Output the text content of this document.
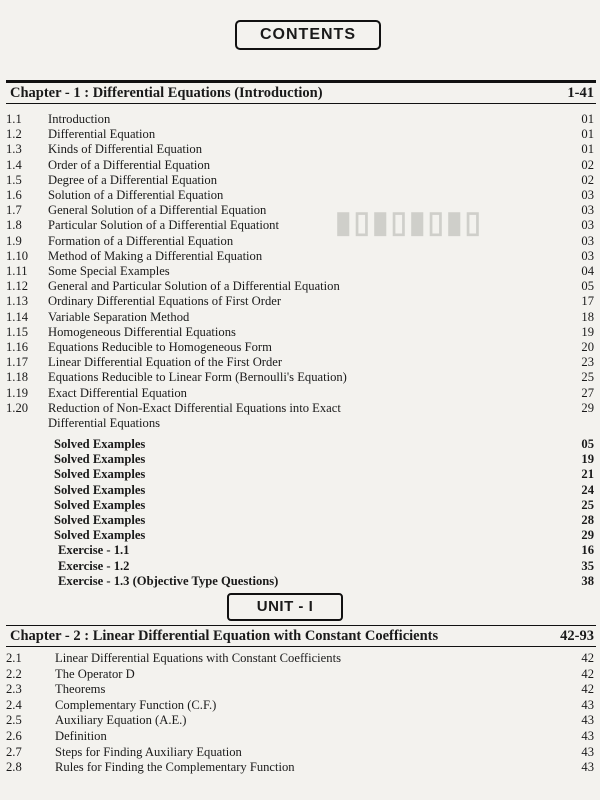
▮▯▮▯▮▯▮▯
CONTENTS
Chapter - 1 : Differential Equations (Introduction)	1-41
1.1 Introduction	01
1.2 Differential Equation	01
1.3 Kinds of Differential Equation	01
1.4 Order of a Differential Equation	02
1.5 Degree of a Differential Equation	02
1.6 Solution of a Differential Equation	03
1.7 General Solution of a Differential Equation	03
1.8 Particular Solution of a Differential Equationt	03
1.9 Formation of a Differential Equation	03
1.10 Method of Making a Differential Equation	03
1.11 Some Special Examples	04
1.12 General and Particular Solution of a Differential Equation	05
1.13 Ordinary Differential Equations of First Order	17
1.14 Variable Separation Method	18
1.15 Homogeneous Differential Equations	19
1.16 Equations Reducible to Homogeneous Form	20
1.17 Linear Differential Equation of the First Order	23
1.18 Equations Reducible to Linear Form (Bernoulli's Equation)	25
1.19 Exact Differential Equation	27
1.20 Reduction of Non-Exact Differential Equations into Exact	29
Differential Equations
Solved Examples	05
Solved Examples	19
Solved Examples	21
Solved Examples	24
Solved Examples	25
Solved Examples	28
Solved Examples	29
Exercise - 1.1	16
Exercise - 1.2	35
Exercise - 1.3 (Objective Type Questions)	38
UNIT - I
Chapter - 2 : Linear Differential Equation with Constant Coefficients	42-93
2.1	Linear Differential Equations with Constant Coefficients	42
2.2	The Operator D	42
2.3	Theorems	42
2.4	Complementary Function (C.F.)	43
2.5	Auxiliary Equation (A.E.)	43
2.6	Definition	43
2.7	Steps for Finding Auxiliary Equation	43
2.8	Rules for Finding the Complementary Function	43
